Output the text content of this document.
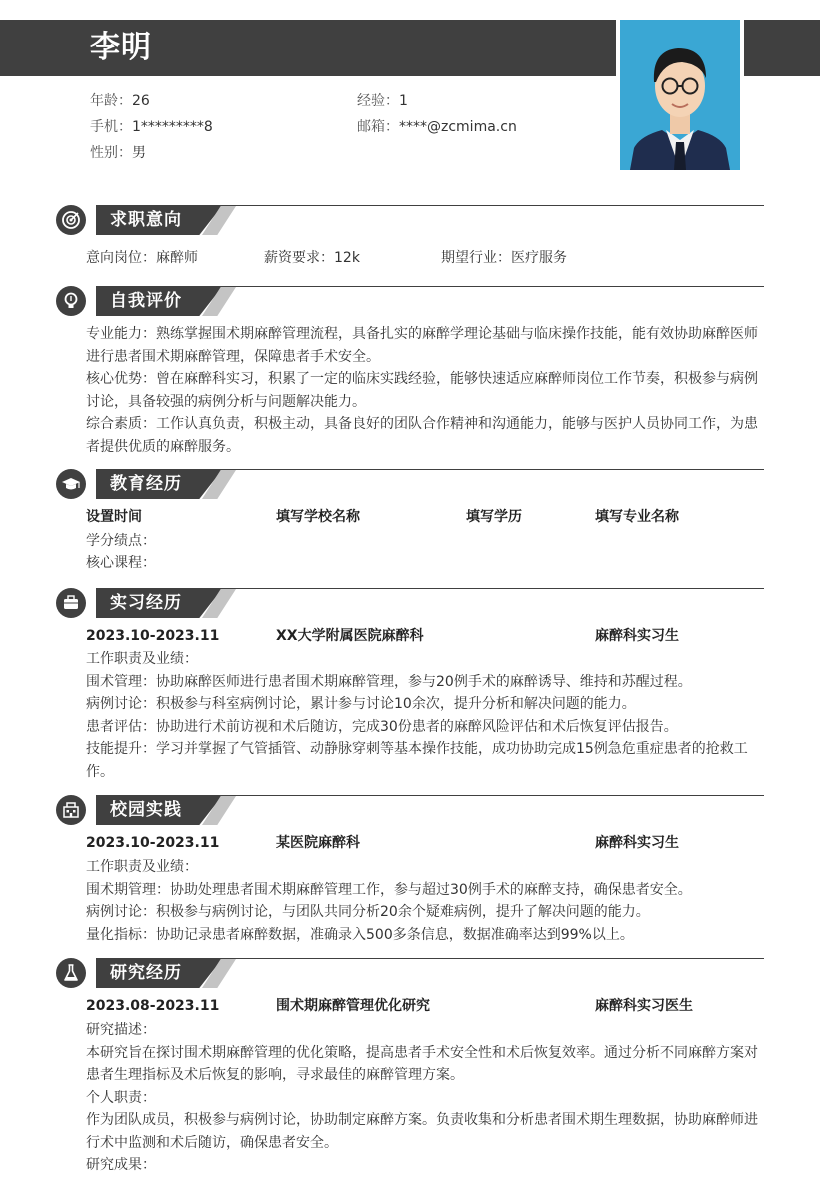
李明
年龄：26	经验：1
手机：1*********8	邮箱：****@zcmima.cn
性别：男
求职意向
意向岗位：麻醉师	薪资要求：12k	期望行业：医疗服务
自我评价

专业能力：熟练掌握围术期麻醉管理流程，具备扎实的麻醉学理论基础与临床操作技能，能有效协助麻醉医师进行患者围术期麻醉管理，保障患者手术安全。

核心优势：曾在麻醉科实习，积累了一定的临床实践经验，能够快速适应麻醉师岗位工作节奏，积极参与病例讨论，具备较强的病例分析与问题解决能力。

综合素质：工作认真负责，积极主动，具备良好的团队合作精神和沟通能力，能够与医护人员协同工作，为患者提供优质的麻醉服务。

教育经历
设置时间	填写学校名称	填写学历	填写专业名称
学分绩点：
核心课程：
实习经历
2023.10-2023.11	XX大学附属医院麻醉科	麻醉科实习生

工作职责及业绩：

围术管理：协助麻醉医师进行患者围术期麻醉管理，参与20例手术的麻醉诱导、维持和苏醒过程。

病例讨论：积极参与科室病例讨论，累计参与讨论10余次，提升分析和解决问题的能力。

患者评估：协助进行术前访视和术后随访，完成30份患者的麻醉风险评估和术后恢复评估报告。

技能提升：学习并掌握了气管插管、动静脉穿刺等基本操作技能，成功协助完成15例急危重症患者的抢救工作。

校园实践
2023.10-2023.11	某医院麻醉科	麻醉科实习生

工作职责及业绩：

围术期管理：协助处理患者围术期麻醉管理工作，参与超过30例手术的麻醉支持，确保患者安全。

病例讨论：积极参与病例讨论，与团队共同分析20余个疑难病例，提升了解决问题的能力。

量化指标：协助记录患者麻醉数据，准确录入500多条信息，数据准确率达到99%以上。

研究经历
2023.08-2023.11	围术期麻醉管理优化研究	麻醉科实习医生

研究描述：

本研究旨在探讨围术期麻醉管理的优化策略，提高患者手术安全性和术后恢复效率。通过分析不同麻醉方案对患者生理指标及术后恢复的影响，寻求最佳的麻醉管理方案。

个人职责：

作为团队成员，积极参与病例讨论，协助制定麻醉方案。负责收集和分析患者围术期生理数据，协助麻醉师进行术中监测和术后随访，确保患者安全。

研究成果：
